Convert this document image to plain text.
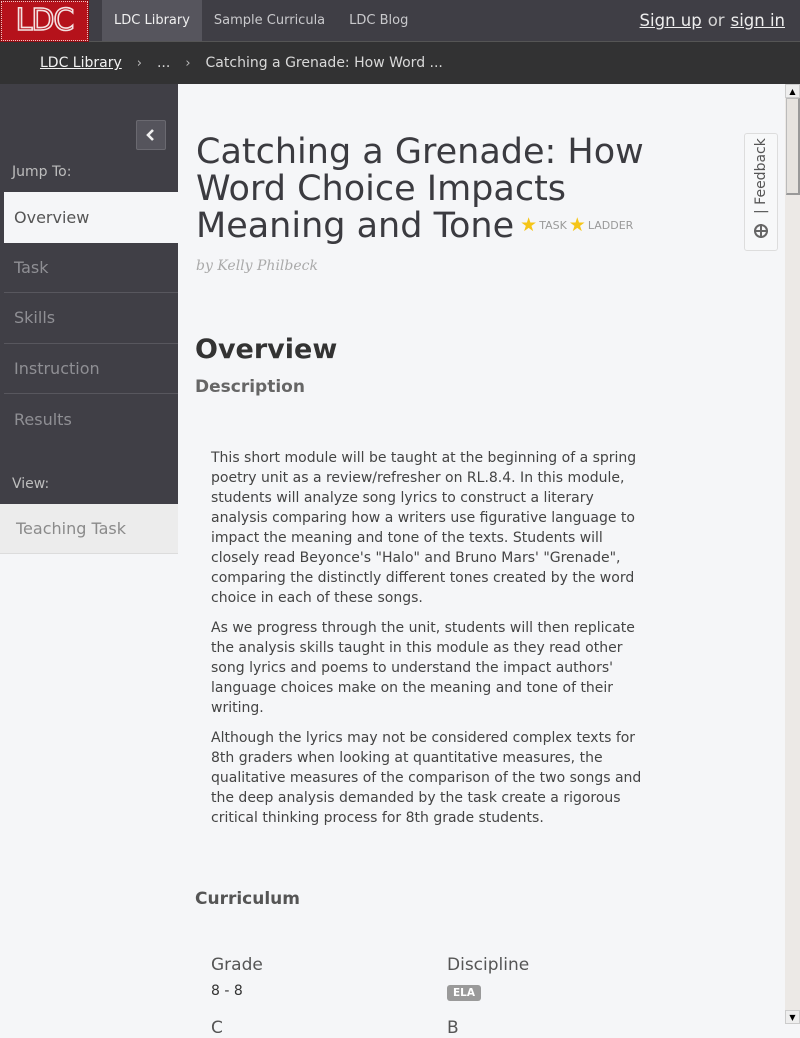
LDC	LDC Library	Sample Curricula	LDC Blog	Sign up or sign in
LDC Library › ... › Catching a Grenade: How Word ...
Jump To:
Overview
Task
Skills
Instruction
Results
View:
Teaching Task
Catching a Grenade: How Word Choice Impacts Meaning and Tone ★ TASK ★ LADDER
by Kelly Philbeck
Overview
Description

This short module will be taught at the beginning of a spring poetry unit as a review/refresher on RL.8.4. In this module, students will analyze song lyrics to construct a literary analysis comparing how a writers use figurative language to impact the meaning and tone of the texts. Students will closely read Beyonce's "Halo" and Bruno Mars' "Grenade", comparing the distinctly different tones created by the word choice in each of these songs.

As we progress through the unit, students will then replicate the analysis skills taught in this module as they read other song lyrics and poems to understand the impact authors' language choices make on the meaning and tone of their writing.

Although the lyrics may not be considered complex texts for 8th graders when looking at quantitative measures, the qualitative measures of the comparison of the two songs and the deep analysis demanded by the task create a rigorous critical thinking process for 8th grade students.

Curriculum
Grade
8 - 8
Discipline
ELA
C	B
| Feedback
▲
▼
